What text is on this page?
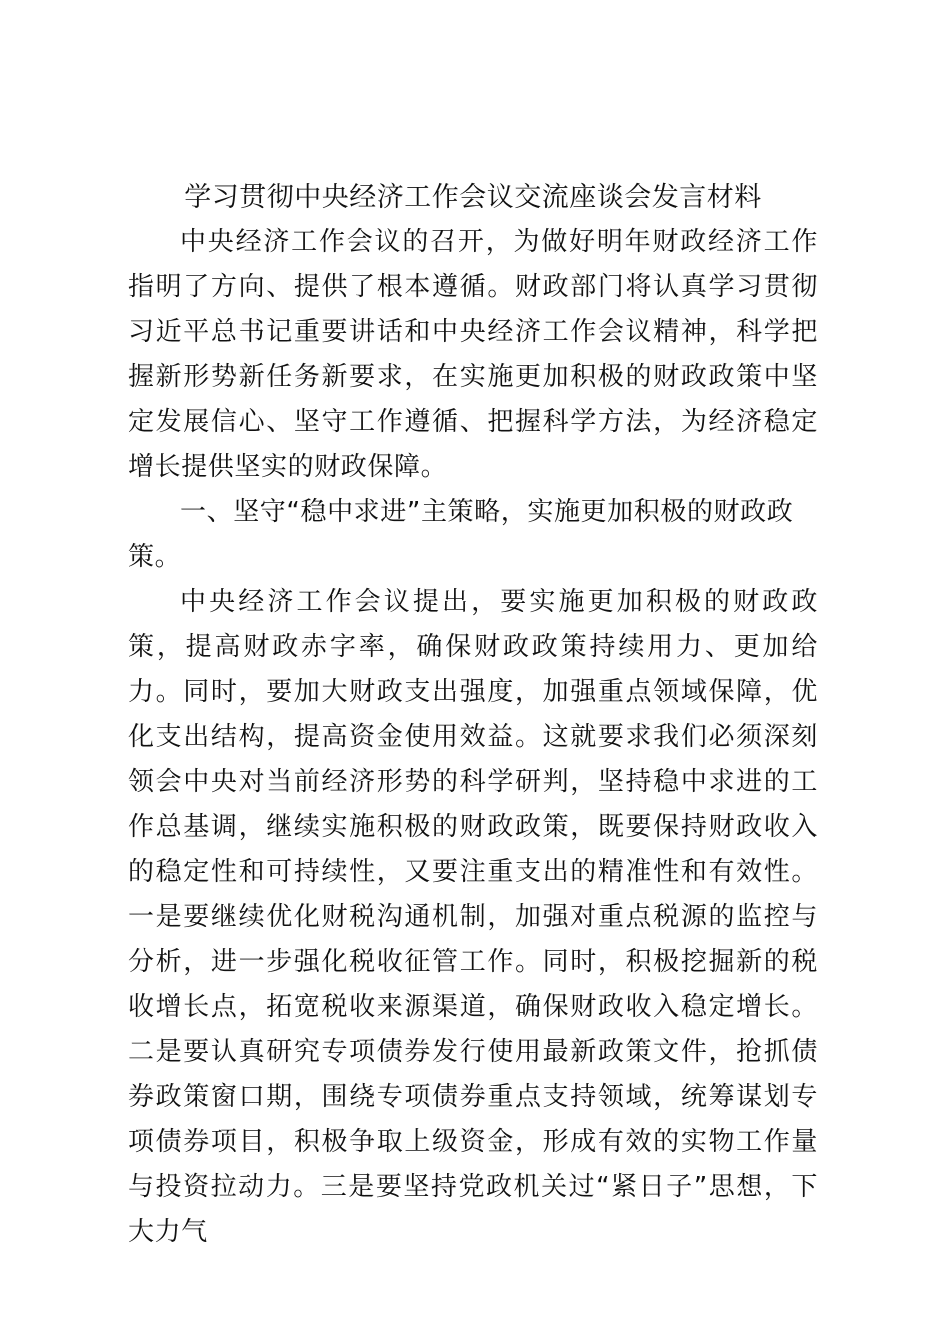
学习贯彻中央经济工作会议交流座谈会发言材料

中央经济工作会议的召开，为做好明年财政经济工作指明了方向、提供了根本遵循。财政部门将认真学习贯彻习近平总书记重要讲话和中央经济工作会议精神，科学把握新形势新任务新要求，在实施更加积极的财政政策中坚定发展信心、坚守工作遵循、把握科学方法，为经济稳定增长提供坚实的财政保障。

一、坚守“稳中求进”主策略，实施更加积极的财政政策。

中央经济工作会议提出，要实施更加积极的财政政策，提高财政赤字率，确保财政政策持续用力、更加给力。同时，要加大财政支出强度，加强重点领域保障，优化支出结构，提高资金使用效益。这就要求我们必须深刻领会中央对当前经济形势的科学研判，坚持稳中求进的工作总基调，继续实施积极的财政政策，既要保持财政收入的稳定性和可持续性，又要注重支出的精准性和有效性。一是要继续优化财税沟通机制，加强对重点税源的监控与分析，进一步强化税收征管工作。同时，积极挖掘新的税收增长点，拓宽税收来源渠道，确保财政收入稳定增长。二是要认真研究专项债券发行使用最新政策文件，抢抓债券政策窗口期，围绕专项债券重点支持领域，统筹谋划专项债券项目，积极争取上级资金，形成有效的实物工作量与投资拉动力。三是要坚持党政机关过“紧日子”思想，下大力气
